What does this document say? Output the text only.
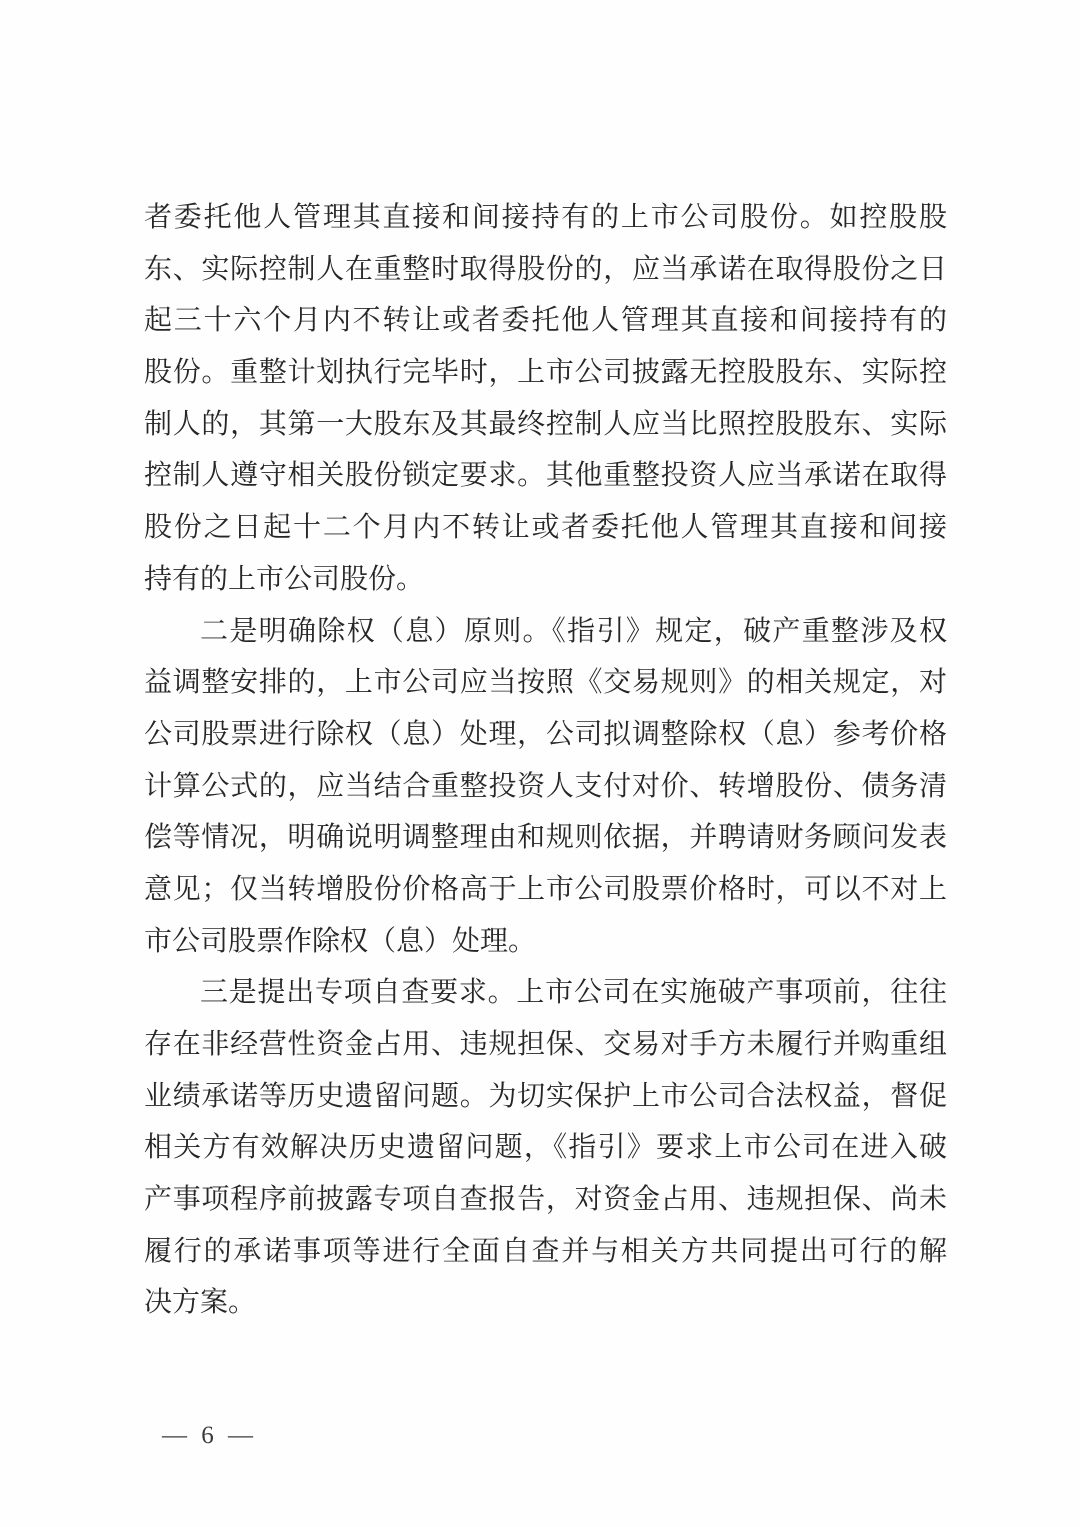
者委托他人管理其直接和间接持有的上市公司股份。如控股股
东、实际控制人在重整时取得股份的，应当承诺在取得股份之日
起三十六个月内不转让或者委托他人管理其直接和间接持有的
股份。重整计划执行完毕时，上市公司披露无控股股东、实际控
制人的，其第一大股东及其最终控制人应当比照控股股东、实际
控制人遵守相关股份锁定要求。其他重整投资人应当承诺在取得
股份之日起十二个月内不转让或者委托他人管理其直接和间接
持有的上市公司股份。
二是明确除权（息）原则。《指引》规定，破产重整涉及权
益调整安排的，上市公司应当按照《交易规则》的相关规定，对
公司股票进行除权（息）处理，公司拟调整除权（息）参考价格
计算公式的，应当结合重整投资人支付对价、转增股份、债务清
偿等情况，明确说明调整理由和规则依据，并聘请财务顾问发表
意见；仅当转增股份价格高于上市公司股票价格时，可以不对上
市公司股票作除权（息）处理。
三是提出专项自查要求。上市公司在实施破产事项前，往往
存在非经营性资金占用、违规担保、交易对手方未履行并购重组
业绩承诺等历史遗留问题。为切实保护上市公司合法权益，督促
相关方有效解决历史遗留问题，《指引》要求上市公司在进入破
产事项程序前披露专项自查报告，对资金占用、违规担保、尚未
履行的承诺事项等进行全面自查并与相关方共同提出可行的解
决方案。
— 6 —
